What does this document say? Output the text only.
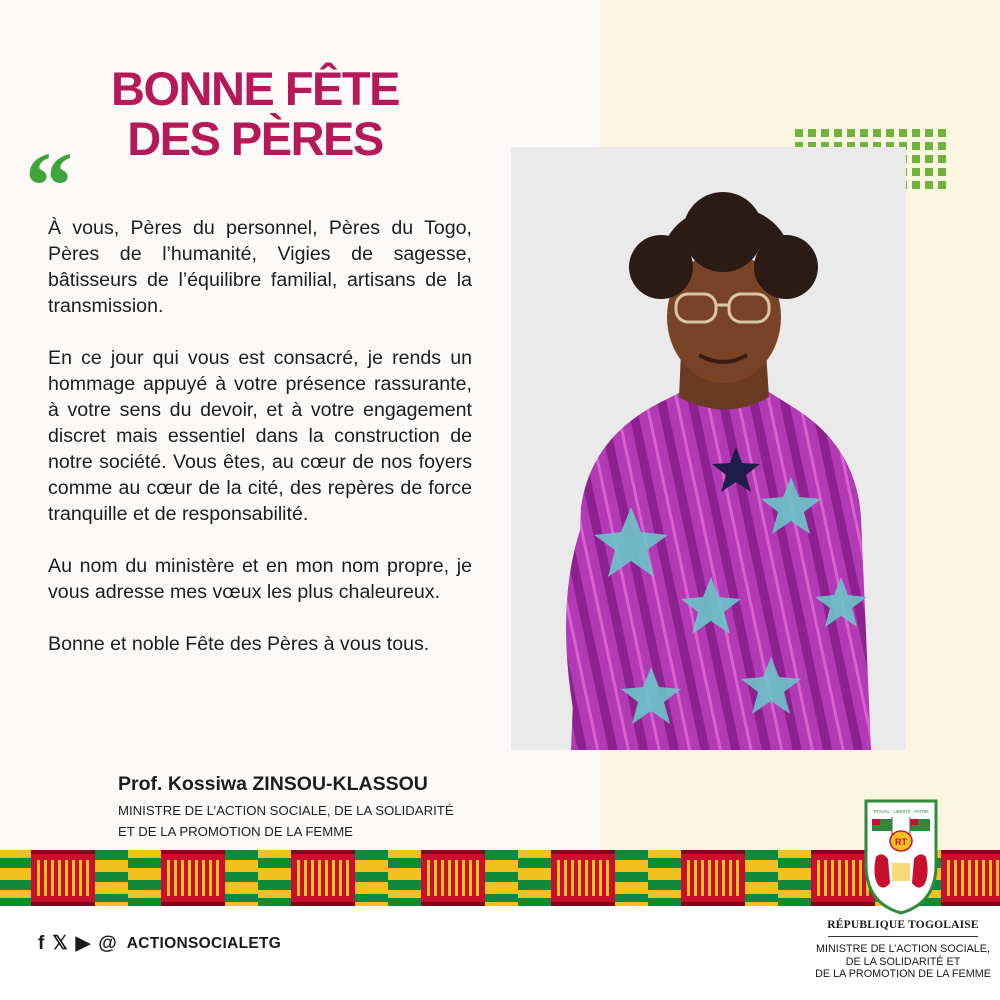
BONNE FÊTE
DES PÈRES
“

À vous, Pères du personnel, Pères du Togo, Pères de l’humanité, Vigies de sagesse, bâtisseurs de l’équilibre familial, artisans de la transmission.

En ce jour qui vous est consacré, je rends un hommage appuyé à votre présence rassurante, à votre sens du devoir, et à votre engagement discret mais essentiel dans la construction de notre société. Vous êtes, au cœur de nos foyers comme au cœur de la cité, des repères de force tranquille et de responsabilité.

Au nom du ministère et en mon nom propre, je vous adresse mes vœux les plus chaleureux.

Bonne et noble Fête des Pères à vous tous.

Prof. Kossiwa ZINSOU-KLASSOU
MINISTRE DE L’ACTION SOCIALE, DE LA SOLIDARITÉ
ET DE LA PROMOTION DE LA FEMME
f 𝕏 ▶ @ ACTIONSOCIALETG
TRAVAIL · LIBERTÉ · PATRIE
RT
RÉPUBLIQUE TOGOLAISE
MINISTRE DE L’ACTION SOCIALE,
DE LA SOLIDARITÉ ET
DE LA PROMOTION DE LA FEMME
